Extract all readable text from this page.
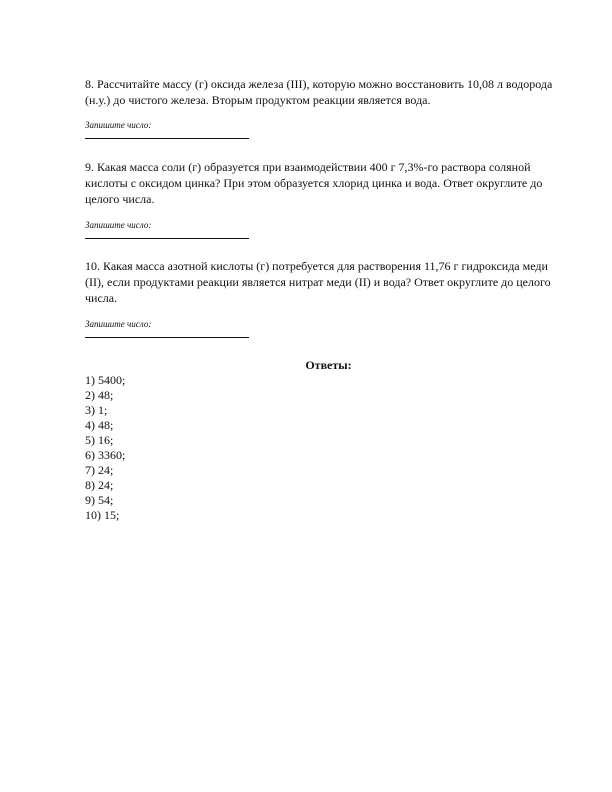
8. Рассчитайте массу (г) оксида железа (III), которую можно восстановить 10,08 л водорода (н.у.) до чистого железа. Вторым продуктом реакции является вода.
Запишите число:
9. Какая масса соли (г) образуется при взаимодействии 400 г 7,3%-го раствора соляной кислоты с оксидом цинка? При этом образуется хлорид цинка и вода. Ответ округлите до целого числа.
Запишите число:
10. Какая масса азотной кислоты (г) потребуется для растворения 11,76 г гидроксида меди (II), если продуктами реакции является нитрат меди (II) и вода? Ответ округлите до целого числа.
Запишите число:
Ответы:
1) 5400;
2) 48;
3) 1;
4) 48;
5) 16;
6) 3360;
7) 24;
8) 24;
9) 54;
10) 15;
